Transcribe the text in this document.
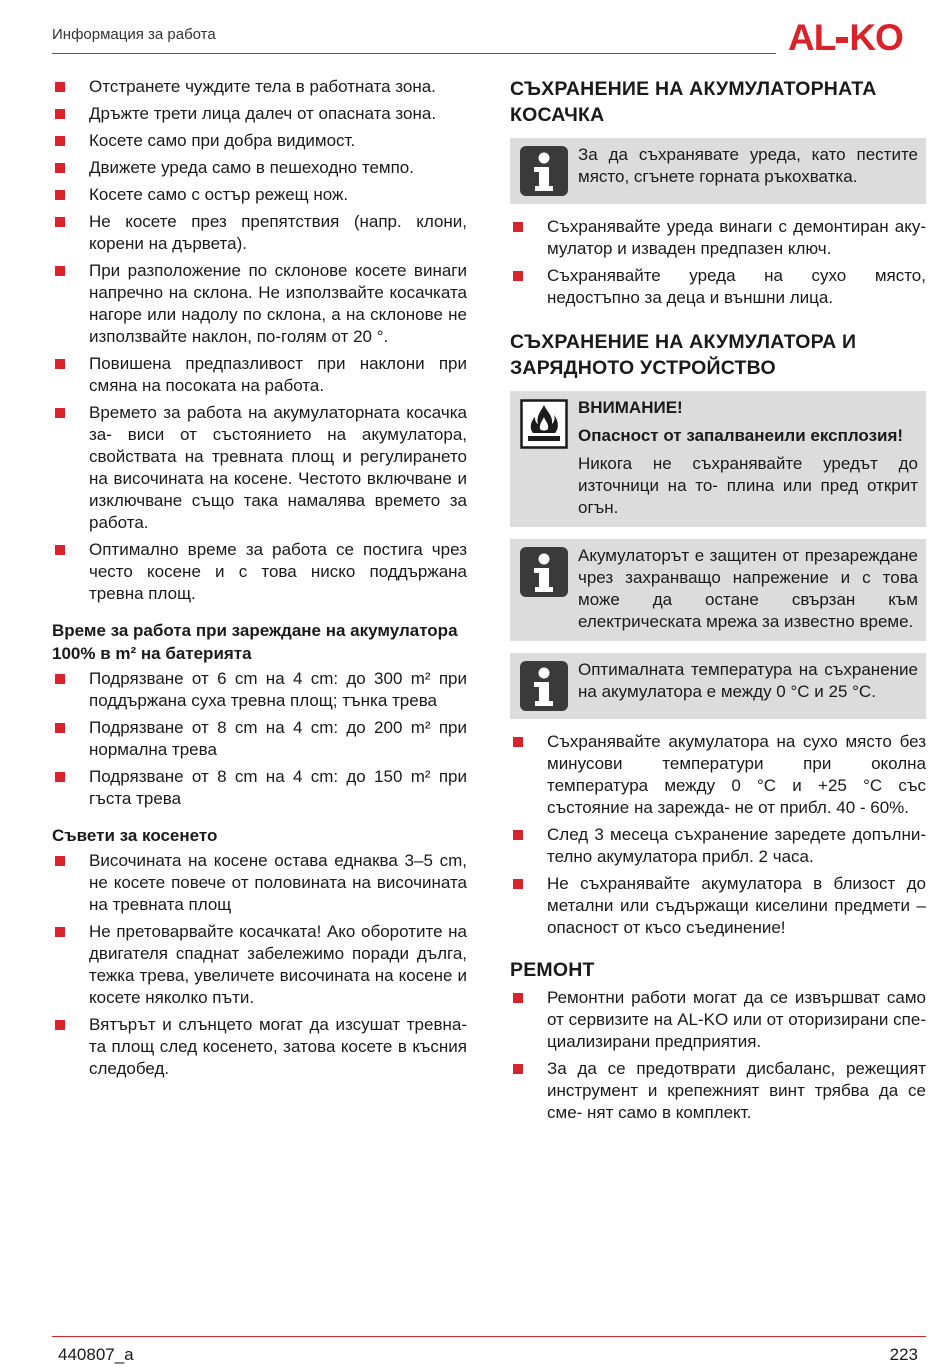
Информация за работа	AL KO
Отстранете чуждите тела в работната зона.
Дръжте трети лица далеч от опасната зона.
Косете само при добра видимост.
Движете уреда само в пешеходно темпо.
Косете само с остър режещ нож.
Не косете през препятствия (напр. клони, корени на дървета).
При разположение по склонове косете винаги напречно на склона. Не използвайте косачката нагоре или надолу по склона, а на склонове не използвайте наклон, по-голям от 20 °.
Повишена предпазливост при наклони при смяна на посоката на работа.
Времето за работа на акумулаторната косачка за- виси от състоянието на акумулатора, свойствата на тревната площ и регулирането на височината на косене. Честото включване и изключване също така намалява времето за работа.
Оптимално време за работа се постига чрез често косене и с това ниско поддържана тревна площ.
Време за работа при зареждане на акумулатора 100% в m² на батерията
Подрязване от 6 cm на 4 cm: до 300 m² при поддържана суха тревна площ; тънка трева
Подрязване от 8 cm на 4 cm: до 200 m² при нормална трева
Подрязване от 8 cm на 4 cm: до 150 m² при гъста трева
Съвети за косенето
Височината на косене остава еднаква 3–5 cm, не косете повече от половината на височината на тревната площ
Не претоварвайте косачката! Ако оборотите на двигателя спаднат забележимо поради дълга, тежка трева, увеличете височината на косене и косете няколко пъти.
Вятърът и слънцето могат да изсушат тревна- та площ след косенето, затова косете в късния следобед.
СЪХРАНЕНИЕ НА АКУМУЛАТОРНАТА КОСАЧКА
За да съхранявате уреда, като пестите място, сгънете горната ръкохватка.
Съхранявайте уреда винаги с демонтиран аку- мулатор и изваден предпазен ключ.
Съхранявайте уреда на сухо място, недостъпно за деца и външни лица.
СЪХРАНЕНИЕ НА АКУМУЛАТОРА И ЗАРЯДНОТО УСТРОЙСТВО
ВНИМАНИЕ!
Опасност от запалванеили експлозия!
Никога не съхранявайте уредът до източници на то- плина или пред открит огън.
Акумулаторът е защитен от презареждане чрез захранващо напрежение и с това може да остане свързан към електрическата мрежа за известно време.
Оптималната температура на съхранение на акумулатора е между 0 °C и 25 °C.
Съхранявайте акумулатора на сухо място без минусови температури при околна температура между 0 °C и +25 °C със състояние на зарежда- не от прибл. 40 - 60%.
След 3 месеца съхранение заредете допълни- телно акумулатора прибл. 2 часа.
Не съхранявайте акумулатора в близост до метални или съдържащи киселини предмети – опасност от късо съединение!
РЕМОНТ
Ремонтни работи могат да се извършват само от сервизите на AL-KO или от оторизирани спе- циализирани предприятия.
За да се предотврати дисбаланс, режещият инструмент и крепежният винт трябва да се сме- нят само в комплект.
440807_a	223
